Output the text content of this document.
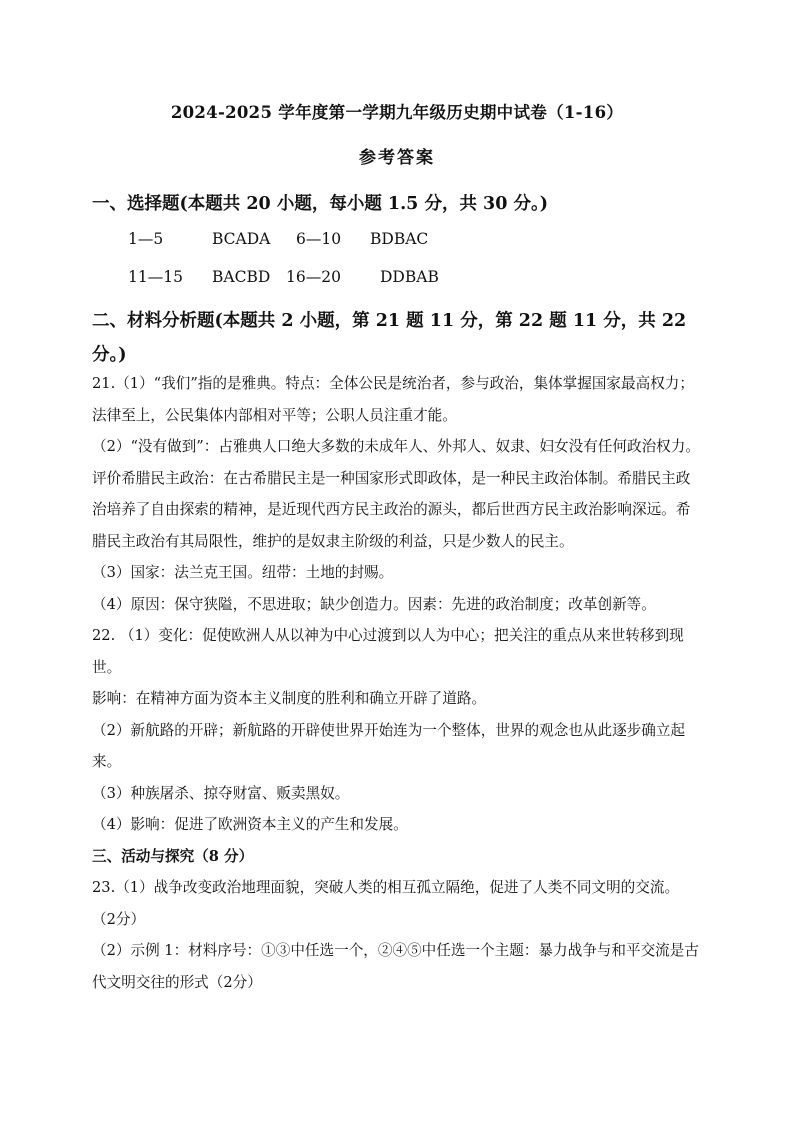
2024-2025 学年度第一学期九年级历史期中试卷（1-16）
参考答案
一、选择题(本题共 20 小题，每小题 1.5 分，共 30 分。)
1—5	BCADA 6—10 BDBAC
11—15 BACBD 16—20	DDBAB
二、材料分析题(本题共 2 小题，第 21 题 11 分，第 22 题 11 分，共 22
分。)

21.（1）“我们”指的是雅典。特点：全体公民是统治者，参与政治，集体掌握国家最高权力；法律至上，公民集体内部相对平等；公职人员注重才能。

（2）“没有做到”：占雅典人口绝大多数的未成年人、外邦人、奴隶、妇女没有任何政治权力。评价希腊民主政治：在古希腊民主是一种国家形式即政体，是一种民主政治体制。希腊民主政治培养了自由探索的精神，是近现代西方民主政治的源头，都后世西方民主政治影响深远。希腊民主政治有其局限性，维护的是奴隶主阶级的利益，只是少数人的民主。

（3）国家：法兰克王国。纽带：土地的封赐。

（4）原因：保守狭隘，不思进取；缺少创造力。因素：先进的政治制度；改革创新等。

22. （1）变化：促使欧洲人从以神为中心过渡到以人为中心；把关注的重点从来世转移到现世。

影响：在精神方面为资本主义制度的胜利和确立开辟了道路。

（2）新航路的开辟；新航路的开辟使世界开始连为一个整体，世界的观念也从此逐步确立起来。

（3）种族屠杀、掠夺财富、贩卖黑奴。

（4）影响：促进了欧洲资本主义的产生和发展。

三、活动与探究（8 分）

23.（1）战争改变政治地理面貌，突破人类的相互孤立隔绝，促进了人类不同文明的交流。 （2分）

（2）示例 1：材料序号：①③中任选一个，②④⑤中任选一个主题：暴力战争与和平交流是古代文明交往的形式（2分）
